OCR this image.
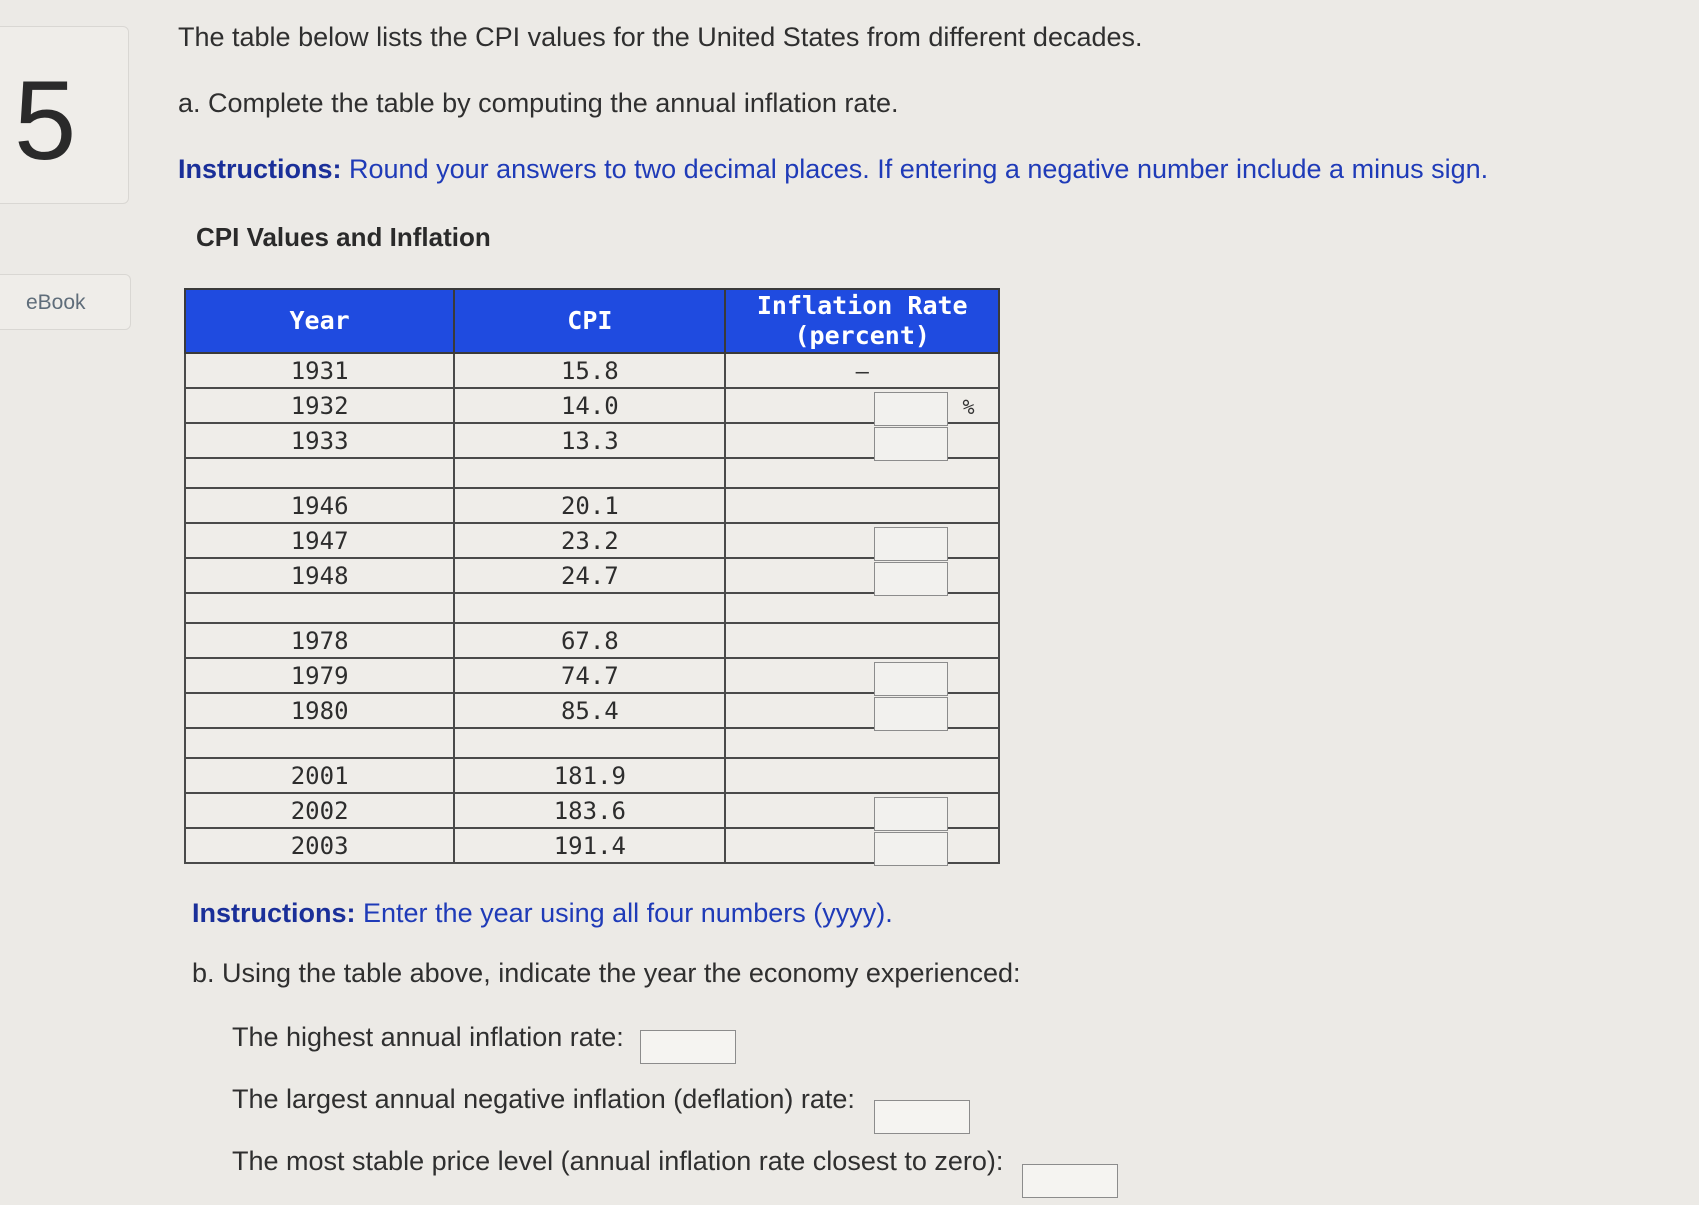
5
eBook
The table below lists the CPI values for the United States from different decades.
a. Complete the table by computing the annual inflation rate.
Instructions: Round your answers to two decimal places. If entering a negative number include a minus sign.
CPI Values and Inflation
Year	CPI	Inflation Rate
(percent)

1931	15.8	–
1932	14.0	%

1933	13.3	

1946	20.1	
1947	23.2	

1948	24.7	

1978	67.8	
1979	74.7	

1980	85.4	

2001	181.9	
2002	183.6	

2003	191.4	
Instructions: Enter the year using all four numbers (yyyy).
b. Using the table above, indicate the year the economy experienced:
The highest annual inflation rate:
The largest annual negative inflation (deflation) rate:
The most stable price level (annual inflation rate closest to zero):
